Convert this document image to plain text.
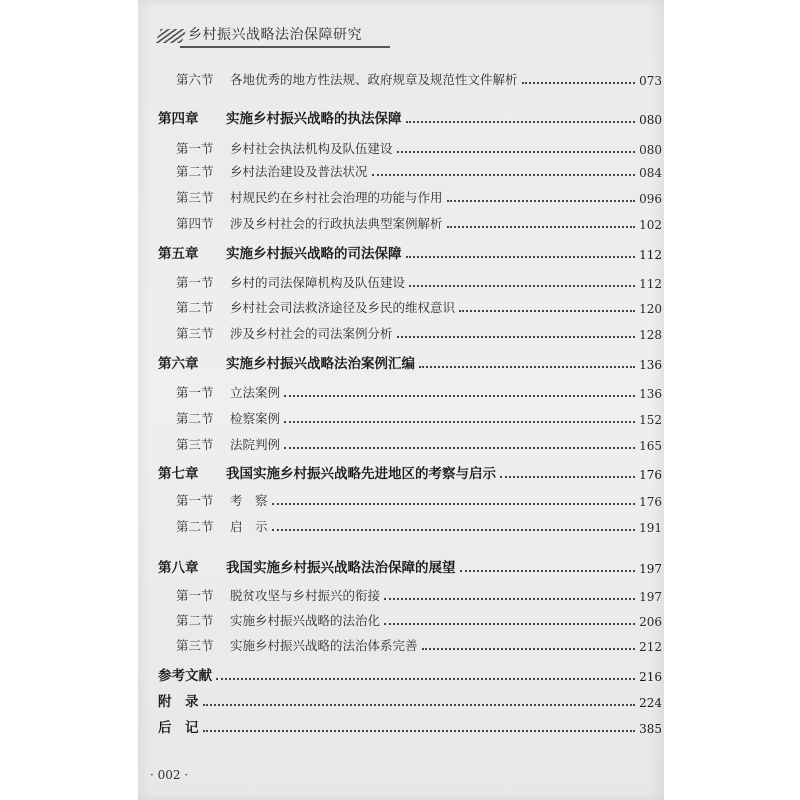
乡村振兴战略法治保障研究
第六节	各地优秀的地方性法规、政府规章及规范性文件解析	073
第四章	实施乡村振兴战略的执法保障	080
第一节	乡村社会执法机构及队伍建设	080
第二节	乡村法治建设及普法状况	084
第三节	村规民约在乡村社会治理的功能与作用	096
第四节	涉及乡村社会的行政执法典型案例解析	102
第五章	实施乡村振兴战略的司法保障	112
第一节	乡村的司法保障机构及队伍建设	112
第二节	乡村社会司法救济途径及乡民的维权意识	120
第三节	涉及乡村社会的司法案例分析	128
第六章	实施乡村振兴战略法治案例汇编	136
第一节	立法案例	136
第二节	检察案例	152
第三节	法院判例	165
第七章	我国实施乡村振兴战略先进地区的考察与启示	176
第一节	考　察	176
第二节	启　示	191
第八章	我国实施乡村振兴战略法治保障的展望	197
第一节	脱贫攻坚与乡村振兴的衔接	197
第二节	实施乡村振兴战略的法治化	206
第三节	实施乡村振兴战略的法治体系完善	212
参考文献	216
附　录	224
后　记	385
· 002 ·
